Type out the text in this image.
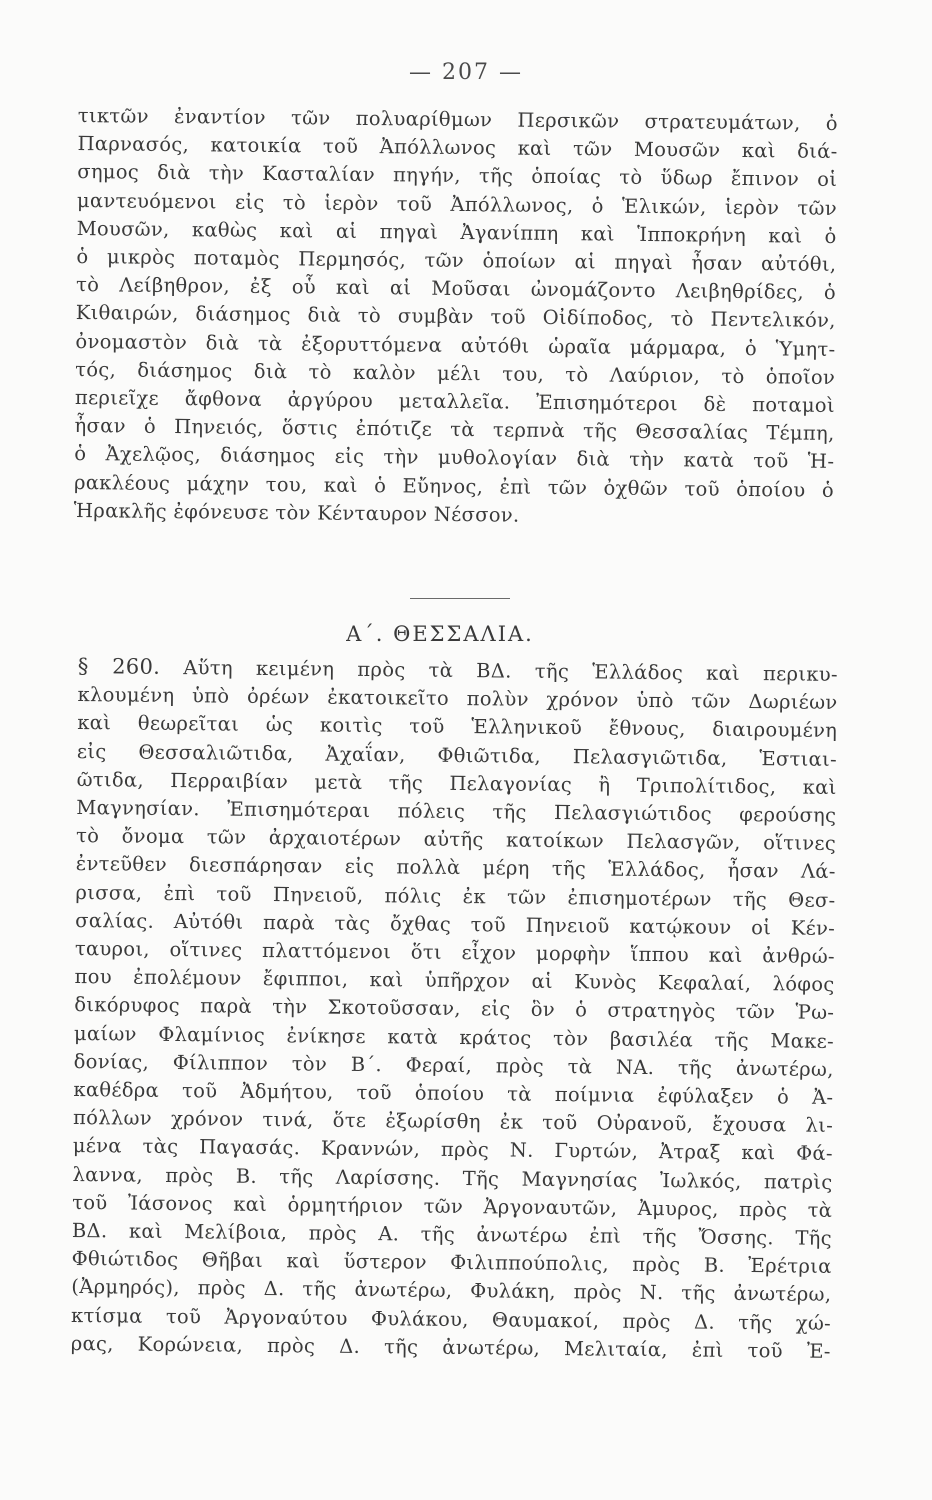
— 207 —
τικτῶν ἐναντίον τῶν πολυαρίθμων Περσικῶν στρατευμάτων, ὁ
Παρνασός, κατοικία τοῦ Ἀπόλλωνος καὶ τῶν Μουσῶν καὶ διά-
σημος διὰ τὴν Κασταλίαν πηγήν, τῆς ὁποίας τὸ ὕδωρ ἔπινον οἱ
μαντευόμενοι εἰς τὸ ἱερὸν τοῦ Ἀπόλλωνος, ὁ Ἑλικών, ἱερὸν τῶν
Μουσῶν, καθὼς καὶ αἱ πηγαὶ Ἀγανίππη καὶ Ἱπποκρήνη καὶ ὁ
ὁ μικρὸς ποταμὸς Περμησός, τῶν ὁποίων αἱ πηγαὶ ἦσαν αὐτόθι,
τὸ Λείβηθρον, ἐξ οὗ καὶ αἱ Μοῦσαι ὠνομάζοντο Λειβηθρίδες, ὁ
Κιθαιρών, διάσημος διὰ τὸ συμβὰν τοῦ Οἰδίποδος, τὸ Πεντελικόν,
ὀνομαστὸν διὰ τὰ ἐξορυττόμενα αὐτόθι ὡραῖα μάρμαρα, ὁ Ὑμητ-
τός, διάσημος διὰ τὸ καλὸν μέλι του, τὸ Λαύριον, τὸ ὁποῖον
περιεῖχε ἄφθονα ἀργύρου μεταλλεῖα. Ἐπισημότεροι δὲ ποταμοὶ
ἦσαν ὁ Πηνειός, ὅστις ἐπότιζε τὰ τερπνὰ τῆς Θεσσαλίας Τέμπη,
ὁ Ἀχελῷος, διάσημος εἰς τὴν μυθολογίαν διὰ τὴν κατὰ τοῦ Ἡ-
ρακλέους μάχην του, καὶ ὁ Εὔηνος, ἐπὶ τῶν ὀχθῶν τοῦ ὁποίου ὁ
Ἡρακλῆς ἐφόνευσε τὸν Κένταυρον Νέσσον.
Α΄. ΘΕΣΣΑΛΙΑ.
§ 260. Αὕτη κειμένη πρὸς τὰ ΒΔ. τῆς Ἑλλάδος καὶ περικυ-
κλουμένη ὑπὸ ὀρέων ἐκατοικεῖτο πολὺν χρόνον ὑπὸ τῶν Δωριέων
καὶ θεωρεῖται ὡς κοιτὶς τοῦ Ἑλληνικοῦ ἔθνους, διαιρουμένη
εἰς Θεσσαλιῶτιδα, Ἀχαΐαν, Φθιῶτιδα, Πελασγιῶτιδα, Ἑστιαι-
ῶτιδα, Περραιβίαν μετὰ τῆς Πελαγονίας ἢ Τριπολίτιδος, καὶ
Μαγνησίαν. Ἐπισημότεραι πόλεις τῆς Πελασγιώτιδος φερούσης
τὸ ὄνομα τῶν ἀρχαιοτέρων αὐτῆς κατοίκων Πελασγῶν, οἵτινες
ἐντεῦθεν διεσπάρησαν εἰς πολλὰ μέρη τῆς Ἑλλάδος, ἦσαν Λά-
ρισσα, ἐπὶ τοῦ Πηνειοῦ, πόλις ἐκ τῶν ἐπισημοτέρων τῆς Θεσ-
σαλίας. Αὐτόθι παρὰ τὰς ὄχθας τοῦ Πηνειοῦ κατῴκουν οἱ Κέν-
ταυροι, οἵτινες πλαττόμενοι ὅτι εἶχον μορφὴν ἵππου καὶ ἀνθρώ-
που ἐπολέμουν ἔφιπποι, καὶ ὑπῆρχον αἱ Κυνὸς Κεφαλαί, λόφος
δικόρυφος παρὰ τὴν Σκοτοῦσσαν, εἰς ὃν ὁ στρατηγὸς τῶν Ῥω-
μαίων Φλαμίνιος ἐνίκησε κατὰ κράτος τὸν βασιλέα τῆς Μακε-
δονίας, Φίλιππον τὸν Β΄. Φεραί, πρὸς τὰ ΝΑ. τῆς ἀνωτέρω,
καθέδρα τοῦ Ἀδμήτου, τοῦ ὁποίου τὰ ποίμνια ἐφύλαξεν ὁ Ἀ-
πόλλων χρόνον τινά, ὅτε ἐξωρίσθη ἐκ τοῦ Οὐρανοῦ, ἔχουσα λι-
μένα τὰς Παγασάς. Κραννών, πρὸς Ν. Γυρτών, Ἀτραξ καὶ Φά-
λαννα, πρὸς Β. τῆς Λαρίσσης. Τῆς Μαγνησίας Ἰωλκός, πατρὶς
τοῦ Ἰάσονος καὶ ὁρμητήριον τῶν Ἀργοναυτῶν, Ἀμυρος, πρὸς τὰ
ΒΔ. καὶ Μελίβοια, πρὸς Α. τῆς ἀνωτέρω ἐπὶ τῆς Ὄσσης. Τῆς
Φθιώτιδος Θῆβαι καὶ ὕστερον Φιλιππούπολις, πρὸς Β. Ἐρέτρια
(Ἀρμηρός), πρὸς Δ. τῆς ἀνωτέρω, Φυλάκη, πρὸς Ν. τῆς ἀνωτέρω,
κτίσμα τοῦ Ἀργοναύτου Φυλάκου, Θαυμακοί, πρὸς Δ. τῆς χώ-
ρας, Κορώνεια, πρὸς Δ. τῆς ἀνωτέρω, Μελιταία, ἐπὶ τοῦ Ἐ-
